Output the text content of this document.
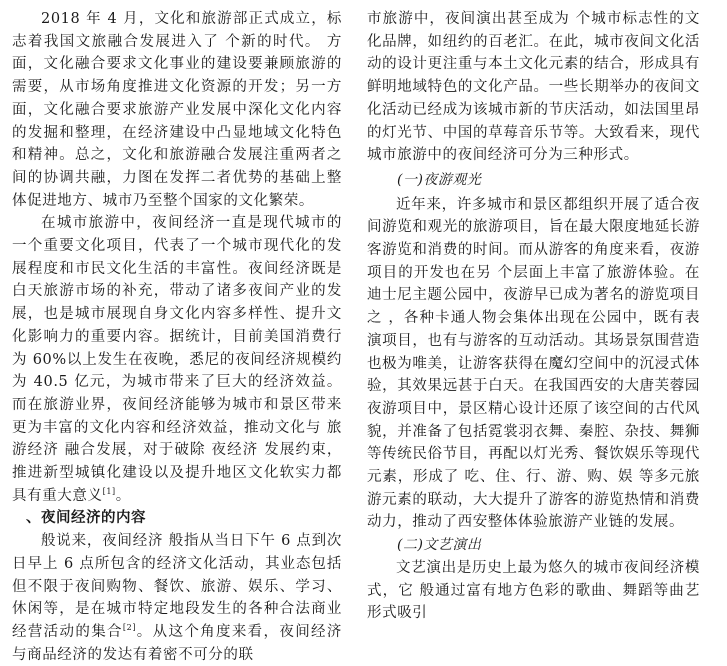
2018 年 4 月，文化和旅游部正式成立，标志着我国文旅融合发展进入了 个新的时代。 方面，文化融合要求文化事业的建设要兼顾旅游的需要，从市场角度推进文化资源的开发；另一方面，文化融合要求旅游产业发展中深化文化内容的发掘和整理，在经济建设中凸显地域文化特色和精神。总之，文化和旅游融合发展注重两者之间的协调共融，力图在发挥二者优势的基础上整体促进地方、城市乃至整个国家的文化繁荣。

在城市旅游中，夜间经济一直是现代城市的一个重要文化项目，代表了一个城市现代化的发展程度和市民文化生活的丰富性。夜间经济既是白天旅游市场的补充，带动了诸多夜间产业的发展，也是城市展现自身文化内容多样性、提升文化影响力的重要内容。据统计，目前美国消费行为 60%以上发生在夜晚，悉尼的夜间经济规模约为 40.5 亿元，为城市带来了巨大的经济效益。而在旅游业界，夜间经济能够为城市和景区带来更为丰富的文化内容和经济效益，推动文化与 旅游经济 融合发展，对于破除 夜经济 发展约束，推进新型城镇化建设以及提升地区文化软实力都具有重大意义[1]。

、夜间经济的内容

般说来，夜间经济 般指从当日下午 6 点到次日早上 6 点所包含的经济文化活动，其业态包括但不限于夜间购物、餐饮、旅游、娱乐、学习、休闲等，是在城市特定地段发生的各种合法商业经营活动的集合[2]。从这个角度来看，夜间经济与商品经济的发达有着密不可分的联

市旅游中，夜间演出甚至成为 个城市标志性的文化品牌，如纽约的百老汇。在此，城市夜间文化活动的设计更注重与本土文化元素的结合，形成具有鲜明地域特色的文化产品。一些长期举办的夜间文化活动已经成为该城市新的节庆活动，如法国里昂的灯光节、中国的草莓音乐节等。大致看来，现代城市旅游中的夜间经济可分为三种形式。

(一)夜游观光

近年来，许多城市和景区都组织开展了适合夜间游览和观光的旅游项目，旨在最大限度地延长游客游览和消费的时间。而从游客的角度来看，夜游项目的开发也在另 个层面上丰富了旅游体验。在迪士尼主题公园中，夜游早已成为著名的游览项目之 ，各种卡通人物会集体出现在公园中，既有表演项目，也有与游客的互动活动。其场景氛围营造也极为唯美，让游客获得在魔幻空间中的沉浸式体验，其效果远甚于白天。在我国西安的大唐芙蓉园夜游项目中，景区精心设计还原了该空间的古代风貌，并准备了包括霓裳羽衣舞、秦腔、杂技、舞狮等传统民俗节目，再配以灯光秀、餐饮娱乐等现代元素，形成了 吃、住、行、游、购、娱 等多元旅游元素的联动，大大提升了游客的游览热情和消费动力，推动了西安整体体验旅游产业链的发展。

(二)文艺演出

文艺演出是历史上最为悠久的城市夜间经济模式，它 般通过富有地方色彩的歌曲、舞蹈等曲艺形式吸引
